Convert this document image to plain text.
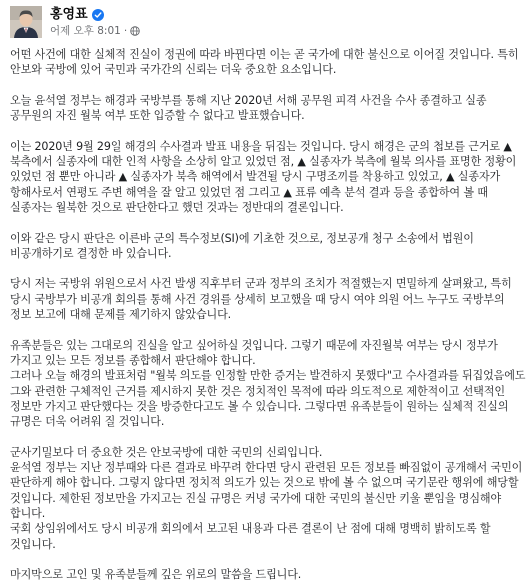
홍영표
어제 오후 8:01 ·

어떤 사건에 대한 실체적 진실이 정권에 따라 바뀐다면 이는 곧 국가에 대한 불신으로 이어질 것입니다. 특히 안보와 국방에 있어 국민과 국가간의 신뢰는 더욱 중요한 요소입니다.

오늘 윤석열 정부는 해경과 국방부를 통해 지난 2020년 서해 공무원 피격 사건을 수사 종결하고 실종 공무원의 자진 월북 여부 또한 입증할 수 없다고 발표했습니다.

이는 2020년 9월 29일 해경의 수사결과 발표 내용을 뒤집는 것입니다. 당시 해경은 군의 첩보를 근거로 ▲ 북측에서 실종자에 대한 인적 사항을 소상히 알고 있었던 점, ▲ 실종자가 북측에 월북 의사를 표명한 정황이 있었던 점 뿐만 아니라 ▲ 실종자가 북측 해역에서 발견될 당시 구명조끼를 착용하고 있었고, ▲ 실종자가 항해사로서 연평도 주변 해역을 잘 알고 있었던 점 그리고 ▲ 표류 예측 분석 결과 등을 종합하여 볼 때 실종자는 월북한 것으로 판단한다고 했던 것과는 정반대의 결론입니다.

이와 같은 당시 판단은 이른바 군의 특수정보(SI)에 기초한 것으로, 정보공개 청구 소송에서 법원이 비공개하기로 결정한 바 있습니다.

당시 저는 국방위 위원으로서 사건 발생 직후부터 군과 정부의 조치가 적절했는지 면밀하게 살펴왔고, 특히 당시 국방부가 비공개 회의를 통해 사건 경위를 상세히 보고했을 때 당시 여야 의원 어느 누구도 국방부의 정보 보고에 대해 문제를 제기하지 않았습니다.

유족분들은 있는 그대로의 진실을 알고 싶어하실 것입니다. 그렇기 때문에 자진월북 여부는 당시 정부가 가지고 있는 모든 정보를 종합해서 판단해야 합니다.

그러나 오늘 해경의 발표처럼 "월북 의도를 인정할 만한 증거는 발견하지 못했다"고 수사결과를 뒤집었음에도 그와 관련한 구체적인 근거를 제시하지 못한 것은 정치적인 목적에 따라 의도적으로 제한적이고 선택적인 정보만 가지고 판단했다는 것을 방증한다고도 볼 수 있습니다. 그렇다면 유족분들이 원하는 실체적 진실의 규명은 더욱 어려워 질 것입니다.

군사기밀보다 더 중요한 것은 안보국방에 대한 국민의 신뢰입니다.

윤석열 정부는 지난 정부때와 다른 결과로 바꾸려 한다면 당시 관련된 모든 정보를 빠짐없이 공개해서 국민이 판단하게 해야 합니다. 그렇지 않다면 정치적 의도가 있는 것으로 밖에 볼 수 없으며 국기문란 행위에 해당할 것입니다. 제한된 정보만을 가지고는 진실 규명은 커녕 국가에 대한 국민의 불신만 키울 뿐임을 명심해야 합니다.

국회 상임위에서도 당시 비공개 회의에서 보고된 내용과 다른 결론이 난 점에 대해 명백히 밝히도록 할 것입니다.

마지막으로 고인 및 유족분들께 깊은 위로의 말씀을 드립니다.
